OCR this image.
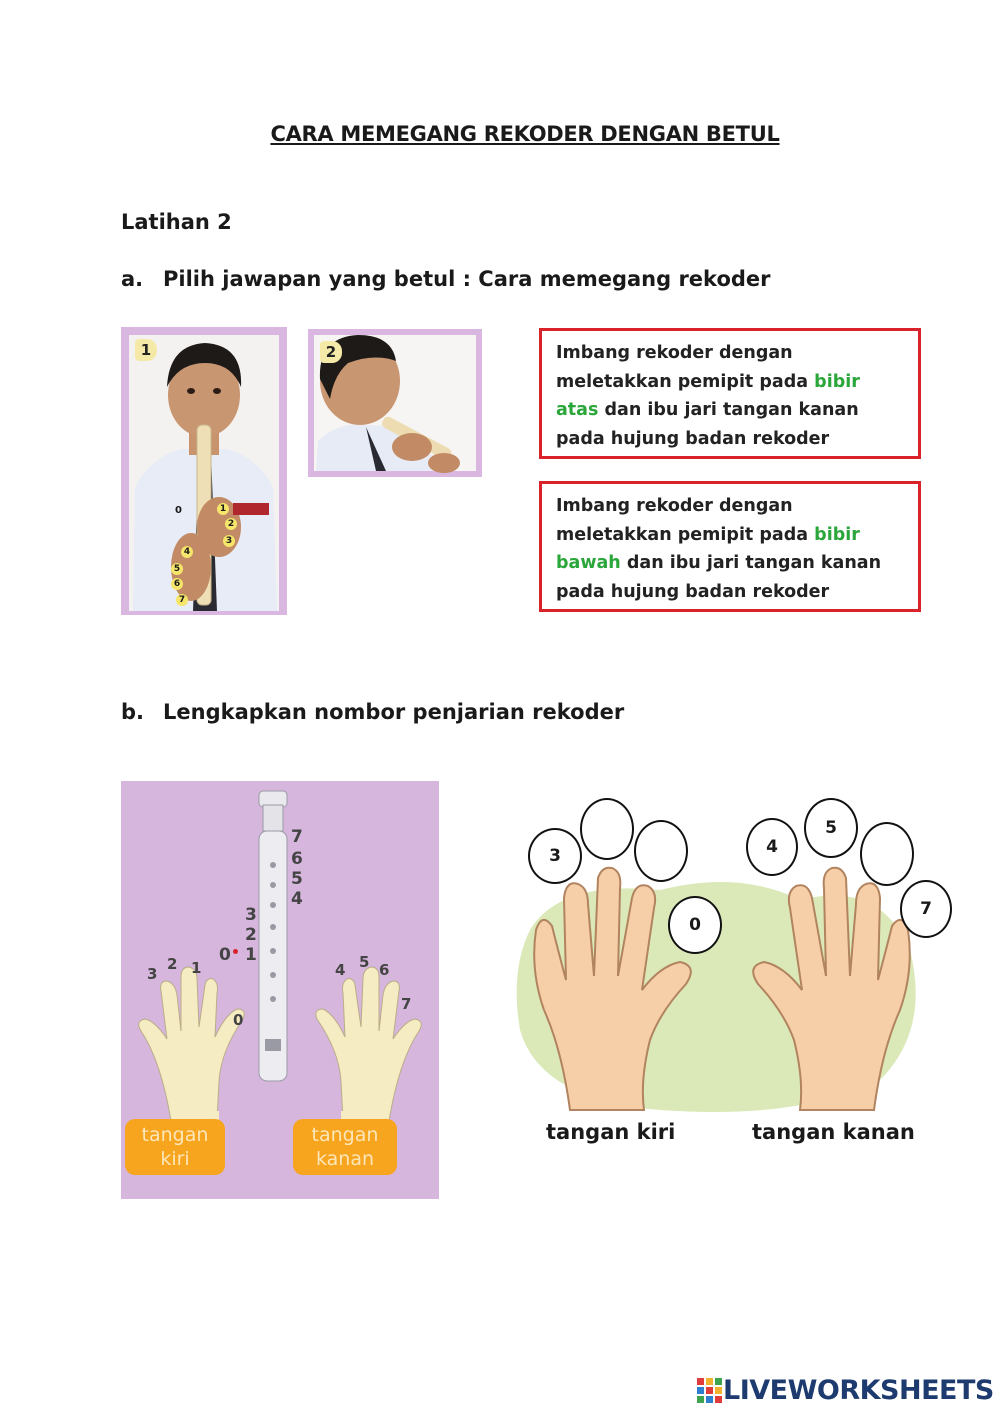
CARA MEMEGANG REKODER DENGAN BETUL
Latihan 2
a. Pilih jawapan yang betul : Cara memegang rekoder
1
0	1
2
3
4
5
6
7
2	Imbang rekoder dengan meletakkan pemipit pada bibir atas dan ibu jari tangan kanan pada hujung badan rekoder
Imbang rekoder dengan meletakkan pemipit pada bibir bawah dan ibu jari tangan kanan pada hujung badan rekoder
b. Lengkapkan nombor penjarian rekoder
7
6
5
4
3
2
0 1
3
2 1
0
4 5 6
7
tangan
kiri
tangan
kanan
3
0
4
5
7
tangan kiri	tangan kanan
LIVEWORKSHEETS
